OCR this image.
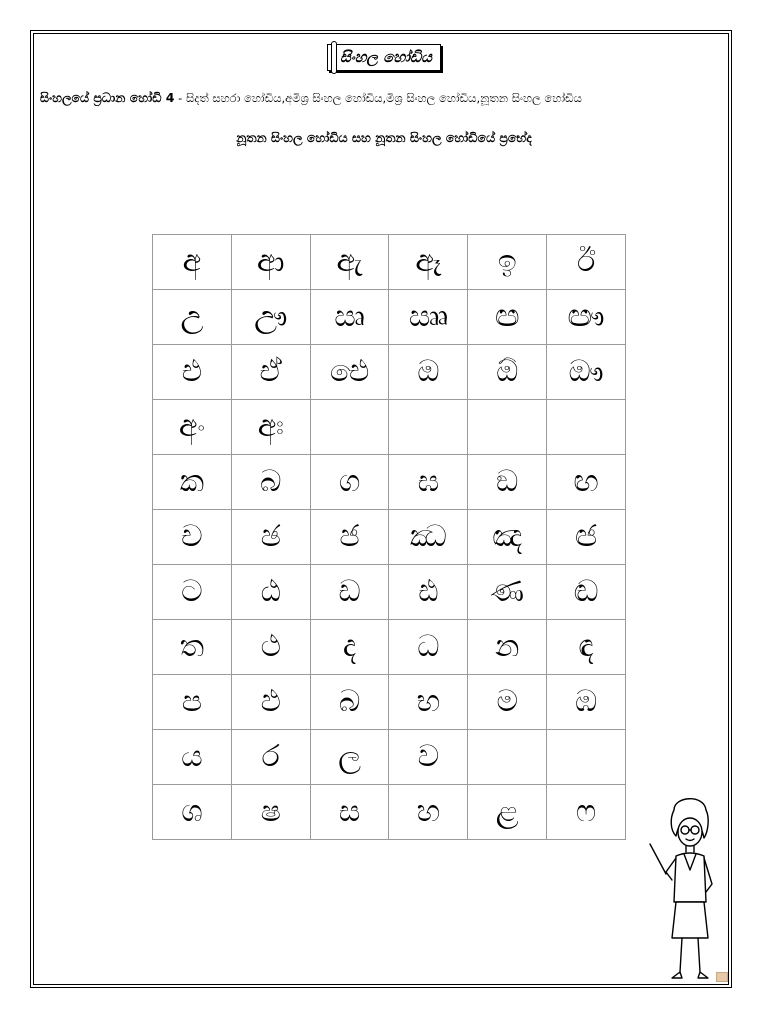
සිංහල හෝඩිය
සිංහලයේ ප්‍රධාන හෝඩි 4 - සිදත් සහරා හෝඩිය,අමිශ්‍ර සිංහල හෝඩිය,මිශ්‍ර සිංහල හෝඩිය,නූතන සිංහල හෝඩිය
නූතන සිංහල හෝඩිය සහ නූතන සිංහල හෝඩියේ ප්‍රභේද
අ	ආ	ඇ	ඈ	ඉ	ඊ
උ	ඌ	ඍ	ඎ	ඏ	ඐ
එ	ඒ	ඓ	ඔ	ඕ	ඖ
අං	අඃ				
ක	බ	ග	ඝ	ඞ	ඟ
ච	ඡ	ජ	ඣ	ඤ	ඦ
ට	ඨ	ඩ	ඪ	ණ	ඬ
ත	ථ	ද	ධ	න	ඳ
ප	ඵ	බ	භ	ම	ඹ
ය	ර	ල	ව		
ශ	ෂ	ස	හ	ළ	ෆ
